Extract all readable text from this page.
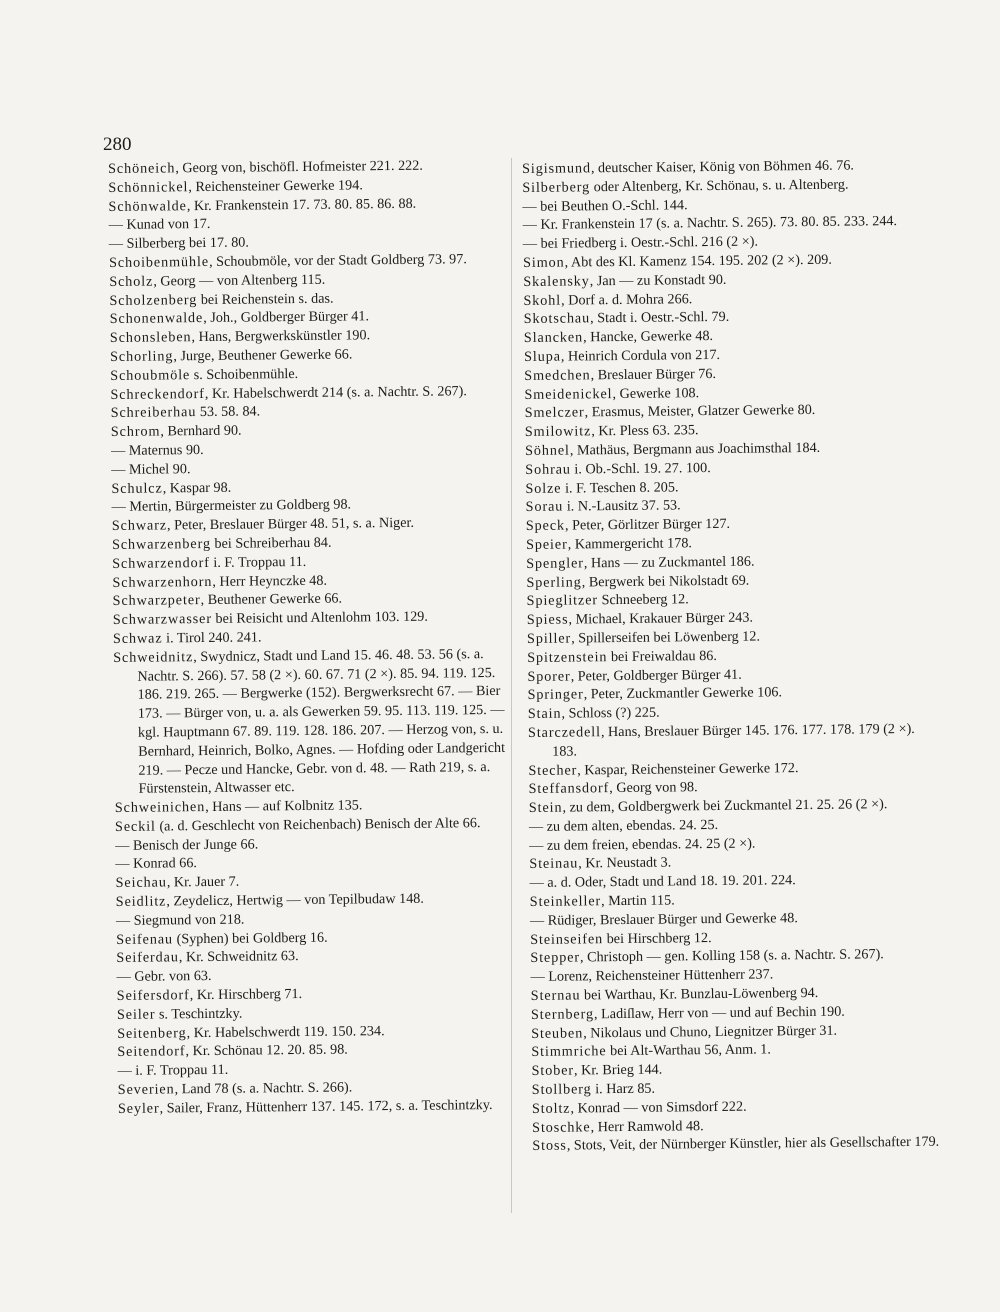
280

Schöneich, Georg von, bischöfl. Hofmeister 221. 222.

Schönnickel, Reichensteiner Gewerke 194.

Schönwalde, Kr. Frankenstein 17. 73. 80. 85. 86. 88.

— Kunad von 17.

— Silberberg bei 17. 80.

Schoibenmühle, Schoubmöle, vor der Stadt Goldberg 73. 97.

Scholz, Georg — von Altenberg 115.

Scholzenberg bei Reichenstein s. das.

Schonenwalde, Joh., Goldberger Bürger 41.

Schonsleben, Hans, Bergwerkskünstler 190.

Schorling, Jurge, Beuthener Gewerke 66.

Schoubmöle s. Schoibenmühle.

Schreckendorf, Kr. Habelschwerdt 214 (s. a. Nachtr. S. 267).

Schreiberhau 53. 58. 84.

Schrom, Bernhard 90.

— Maternus 90.

— Michel 90.

Schulcz, Kaspar 98.

— Mertin, Bürgermeister zu Goldberg 98.

Schwarz, Peter, Breslauer Bürger 48. 51, s. a. Niger.

Schwarzenberg bei Schreiberhau 84.

Schwarzendorf i. F. Troppau 11.

Schwarzenhorn, Herr Heynczke 48.

Schwarzpeter, Beuthener Gewerke 66.

Schwarzwasser bei Reisicht und Altenlohm 103. 129.

Schwaz i. Tirol 240. 241.

Schweidnitz, Swydnicz, Stadt und Land 15. 46. 48. 53. 56 (s. a. Nachtr. S. 266). 57. 58 (2 ×). 60. 67. 71 (2 ×). 85. 94. 119. 125. 186. 219. 265. — Bergwerke (152). Bergwerksrecht 67. — Bier 173. — Bürger von, u. a. als Gewerken 59. 95. 113. 119. 125. — kgl. Hauptmann 67. 89. 119. 128. 186. 207. — Herzog von, s. u. Bernhard, Heinrich, Bolko, Agnes. — Hofding oder Landgericht 219. — Pecze und Hancke, Gebr. von d. 48. — Rath 219, s. a. Fürstenstein, Altwasser etc.

Schweinichen, Hans — auf Kolbnitz 135.

Seckil (a. d. Geschlecht von Reichenbach) Benisch der Alte 66.

— Benisch der Junge 66.

— Konrad 66.

Seichau, Kr. Jauer 7.

Seidlitz, Zeydelicz, Hertwig — von Tepilbudaw 148.

— Siegmund von 218.

Seifenau (Syphen) bei Goldberg 16.

Seiferdau, Kr. Schweidnitz 63.

— Gebr. von 63.

Seifersdorf, Kr. Hirschberg 71.

Seiler s. Teschintzky.

Seitenberg, Kr. Habelschwerdt 119. 150. 234.

Seitendorf, Kr. Schönau 12. 20. 85. 98.

— i. F. Troppau 11.

Severien, Land 78 (s. a. Nachtr. S. 266).

Seyler, Sailer, Franz, Hüttenherr 137. 145. 172, s. a. Teschintzky.

Sigismund, deutscher Kaiser, König von Böhmen 46. 76.

Silberberg oder Altenberg, Kr. Schönau, s. u. Altenberg.

— bei Beuthen O.-Schl. 144.

— Kr. Frankenstein 17 (s. a. Nachtr. S. 265). 73. 80. 85. 233. 244.

— bei Friedberg i. Oestr.-Schl. 216 (2 ×).

Simon, Abt des Kl. Kamenz 154. 195. 202 (2 ×). 209.

Skalensky, Jan — zu Konstadt 90.

Skohl, Dorf a. d. Mohra 266.

Skotschau, Stadt i. Oestr.-Schl. 79.

Slancken, Hancke, Gewerke 48.

Slupa, Heinrich Cordula von 217.

Smedchen, Breslauer Bürger 76.

Smeidenickel, Gewerke 108.

Smelczer, Erasmus, Meister, Glatzer Gewerke 80.

Smilowitz, Kr. Pless 63. 235.

Söhnel, Mathäus, Bergmann aus Joachimsthal 184.

Sohrau i. Ob.-Schl. 19. 27. 100.

Solze i. F. Teschen 8. 205.

Sorau i. N.-Lausitz 37. 53.

Speck, Peter, Görlitzer Bürger 127.

Speier, Kammergericht 178.

Spengler, Hans — zu Zuckmantel 186.

Sperling, Bergwerk bei Nikolstadt 69.

Spieglitzer Schneeberg 12.

Spiess, Michael, Krakauer Bürger 243.

Spiller, Spillerseifen bei Löwenberg 12.

Spitzenstein bei Freiwaldau 86.

Sporer, Peter, Goldberger Bürger 41.

Springer, Peter, Zuckmantler Gewerke 106.

Stain, Schloss (?) 225.

Starczedell, Hans, Breslauer Bürger 145. 176. 177. 178. 179 (2 ×). 183.

Stecher, Kaspar, Reichensteiner Gewerke 172.

Steffansdorf, Georg von 98.

Stein, zu dem, Goldbergwerk bei Zuckmantel 21. 25. 26 (2 ×).

— zu dem alten, ebendas. 24. 25.

— zu dem freien, ebendas. 24. 25 (2 ×).

Steinau, Kr. Neustadt 3.

— a. d. Oder, Stadt und Land 18. 19. 201. 224.

Steinkeller, Martin 115.

— Rüdiger, Breslauer Bürger und Gewerke 48.

Steinseifen bei Hirschberg 12.

Stepper, Christoph — gen. Kolling 158 (s. a. Nachtr. S. 267).

— Lorenz, Reichensteiner Hüttenherr 237.

Sternau bei Warthau, Kr. Bunzlau-Löwenberg 94.

Sternberg, Ladiſlaw, Herr von — und auf Bechin 190.

Steuben, Nikolaus und Chuno, Liegnitzer Bürger 31.

Stimmriche bei Alt-Warthau 56, Anm. 1.

Stober, Kr. Brieg 144.

Stollberg i. Harz 85.

Stoltz, Konrad — von Simsdorf 222.

Stoschke, Herr Ramwold 48.

Stoss, Stots, Veit, der Nürnberger Künstler, hier als Gesellschafter 179.
